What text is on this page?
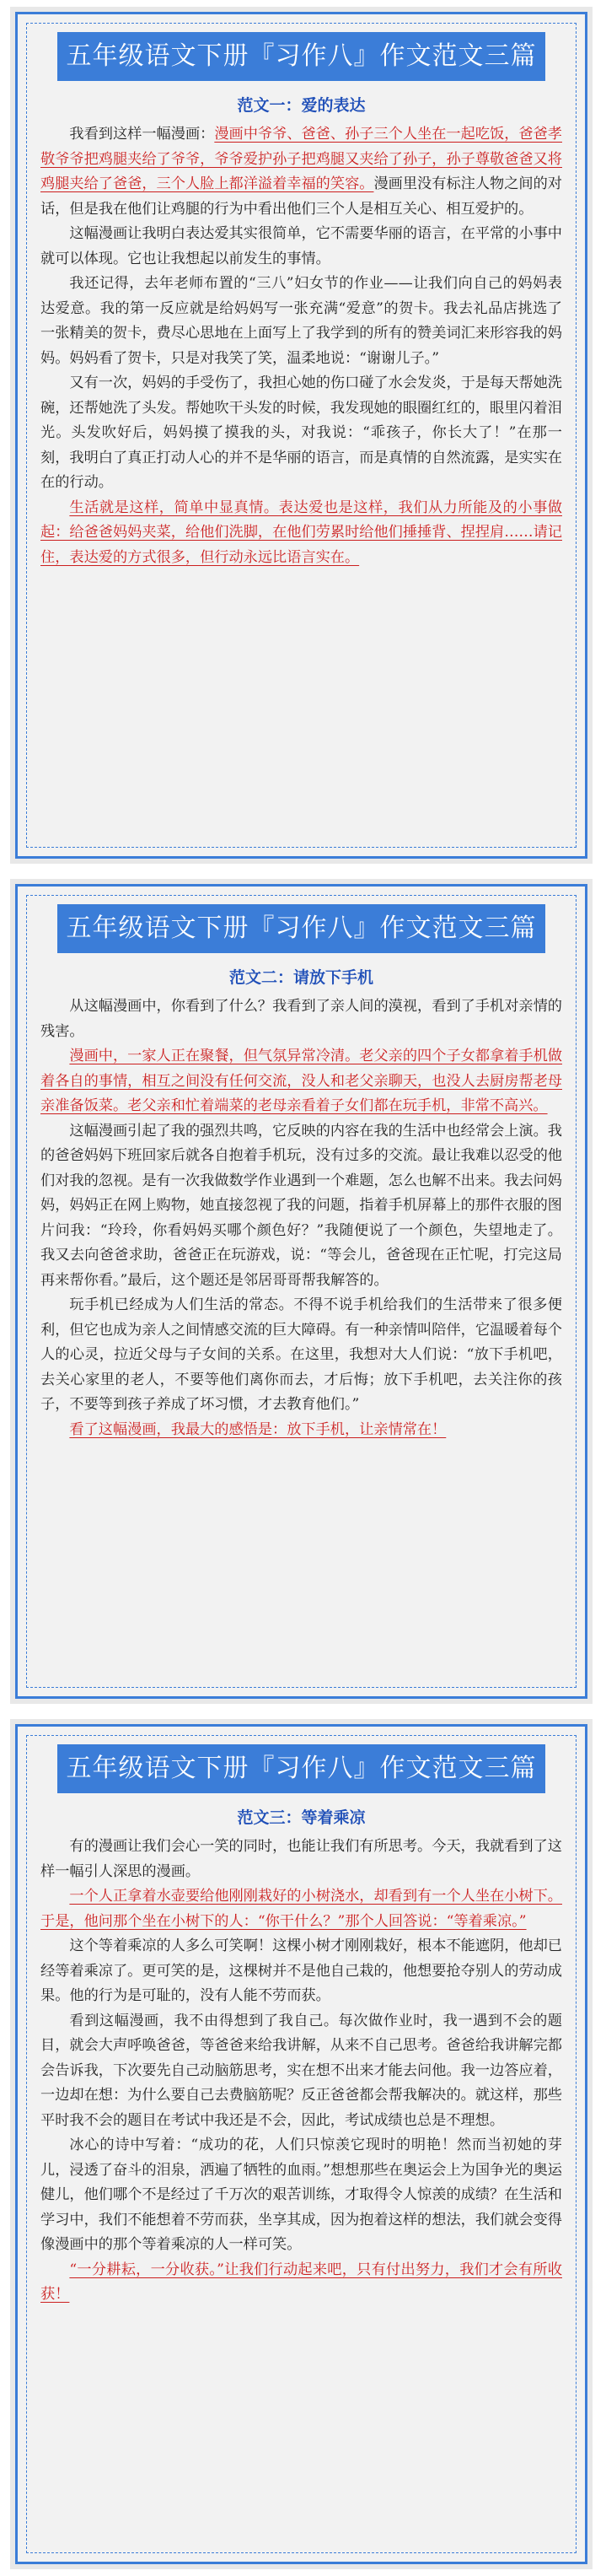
五年级语文下册『习作八』作文范文三篇
范文一：爱的表达

我看到这样一幅漫画：漫画中爷爷、爸爸、孙子三个人坐在一起吃饭，爸爸孝敬爷爷把鸡腿夹给了爷爷，爷爷爱护孙子把鸡腿又夹给了孙子，孙子尊敬爸爸又将鸡腿夹给了爸爸，三个人脸上都洋溢着幸福的笑容。漫画里没有标注人物之间的对话，但是我在他们让鸡腿的行为中看出他们三个人是相互关心、相互爱护的。

这幅漫画让我明白表达爱其实很简单，它不需要华丽的语言，在平常的小事中就可以体现。它也让我想起以前发生的事情。

我还记得，去年老师布置的“三八”妇女节的作业——让我们向自己的妈妈表达爱意。我的第一反应就是给妈妈写一张充满“爱意”的贺卡。我去礼品店挑选了一张精美的贺卡，费尽心思地在上面写上了我学到的所有的赞美词汇来形容我的妈妈。妈妈看了贺卡，只是对我笑了笑，温柔地说：“谢谢儿子。”

又有一次，妈妈的手受伤了，我担心她的伤口碰了水会发炎，于是每天帮她洗碗，还帮她洗了头发。帮她吹干头发的时候，我发现她的眼圈红红的，眼里闪着泪光。头发吹好后，妈妈摸了摸我的头，对我说：“乖孩子，你长大了！”在那一刻，我明白了真正打动人心的并不是华丽的语言，而是真情的自然流露，是实实在在的行动。

生活就是这样，简单中显真情。表达爱也是这样，我们从力所能及的小事做起：给爸爸妈妈夹菜，给他们洗脚，在他们劳累时给他们捶捶背、捏捏肩……请记住，表达爱的方式很多，但行动永远比语言实在。

五年级语文下册『习作八』作文范文三篇
范文二：请放下手机

从这幅漫画中，你看到了什么？我看到了亲人间的漠视，看到了手机对亲情的残害。

漫画中，一家人正在聚餐，但气氛异常冷清。老父亲的四个子女都拿着手机做着各自的事情，相互之间没有任何交流，没人和老父亲聊天，也没人去厨房帮老母亲准备饭菜。老父亲和忙着端菜的老母亲看着子女们都在玩手机，非常不高兴。

这幅漫画引起了我的强烈共鸣，它反映的内容在我的生活中也经常会上演。我的爸爸妈妈下班回家后就各自抱着手机玩，没有过多的交流。最让我难以忍受的他们对我的忽视。是有一次我做数学作业遇到一个难题，怎么也解不出来。我去问妈妈，妈妈正在网上购物，她直接忽视了我的问题，指着手机屏幕上的那件衣服的图片问我：“玲玲，你看妈妈买哪个颜色好？”我随便说了一个颜色，失望地走了。我又去向爸爸求助，爸爸正在玩游戏，说：“等会儿，爸爸现在正忙呢，打完这局再来帮你看。”最后，这个题还是邻居哥哥帮我解答的。

玩手机已经成为人们生活的常态。不得不说手机给我们的生活带来了很多便利，但它也成为亲人之间情感交流的巨大障碍。有一种亲情叫陪伴，它温暖着每个人的心灵，拉近父母与子女间的关系。在这里，我想对大人们说：“放下手机吧，去关心家里的老人，不要等他们离你而去，才后悔；放下手机吧，去关注你的孩子，不要等到孩子养成了坏习惯，才去教育他们。”

看了这幅漫画，我最大的感悟是：放下手机，让亲情常在！

五年级语文下册『习作八』作文范文三篇
范文三：等着乘凉

有的漫画让我们会心一笑的同时，也能让我们有所思考。今天，我就看到了这样一幅引人深思的漫画。

一个人正拿着水壶要给他刚刚栽好的小树浇水，却看到有一个人坐在小树下。于是，他问那个坐在小树下的人：“你干什么？”那个人回答说：“等着乘凉。”

这个等着乘凉的人多么可笑啊！这棵小树才刚刚栽好，根本不能遮阴，他却已经等着乘凉了。更可笑的是，这棵树并不是他自己栽的，他想要抢夺别人的劳动成果。他的行为是可耻的，没有人能不劳而获。

看到这幅漫画，我不由得想到了我自己。每次做作业时，我一遇到不会的题目，就会大声呼唤爸爸，等爸爸来给我讲解，从来不自己思考。爸爸给我讲解完都会告诉我，下次要先自己动脑筋思考，实在想不出来才能去问他。我一边答应着，一边却在想：为什么要自己去费脑筋呢？反正爸爸都会帮我解决的。就这样，那些平时我不会的题目在考试中我还是不会，因此，考试成绩也总是不理想。

冰心的诗中写着：“成功的花，人们只惊羡它现时的明艳！然而当初她的芽儿，浸透了奋斗的泪泉，洒遍了牺牲的血雨。”想想那些在奥运会上为国争光的奥运健儿，他们哪个不是经过了千万次的艰苦训练，才取得令人惊羡的成绩？在生活和学习中，我们不能想着不劳而获，坐享其成，因为抱着这样的想法，我们就会变得像漫画中的那个等着乘凉的人一样可笑。

“一分耕耘，一分收获。”让我们行动起来吧，只有付出努力，我们才会有所收获！
